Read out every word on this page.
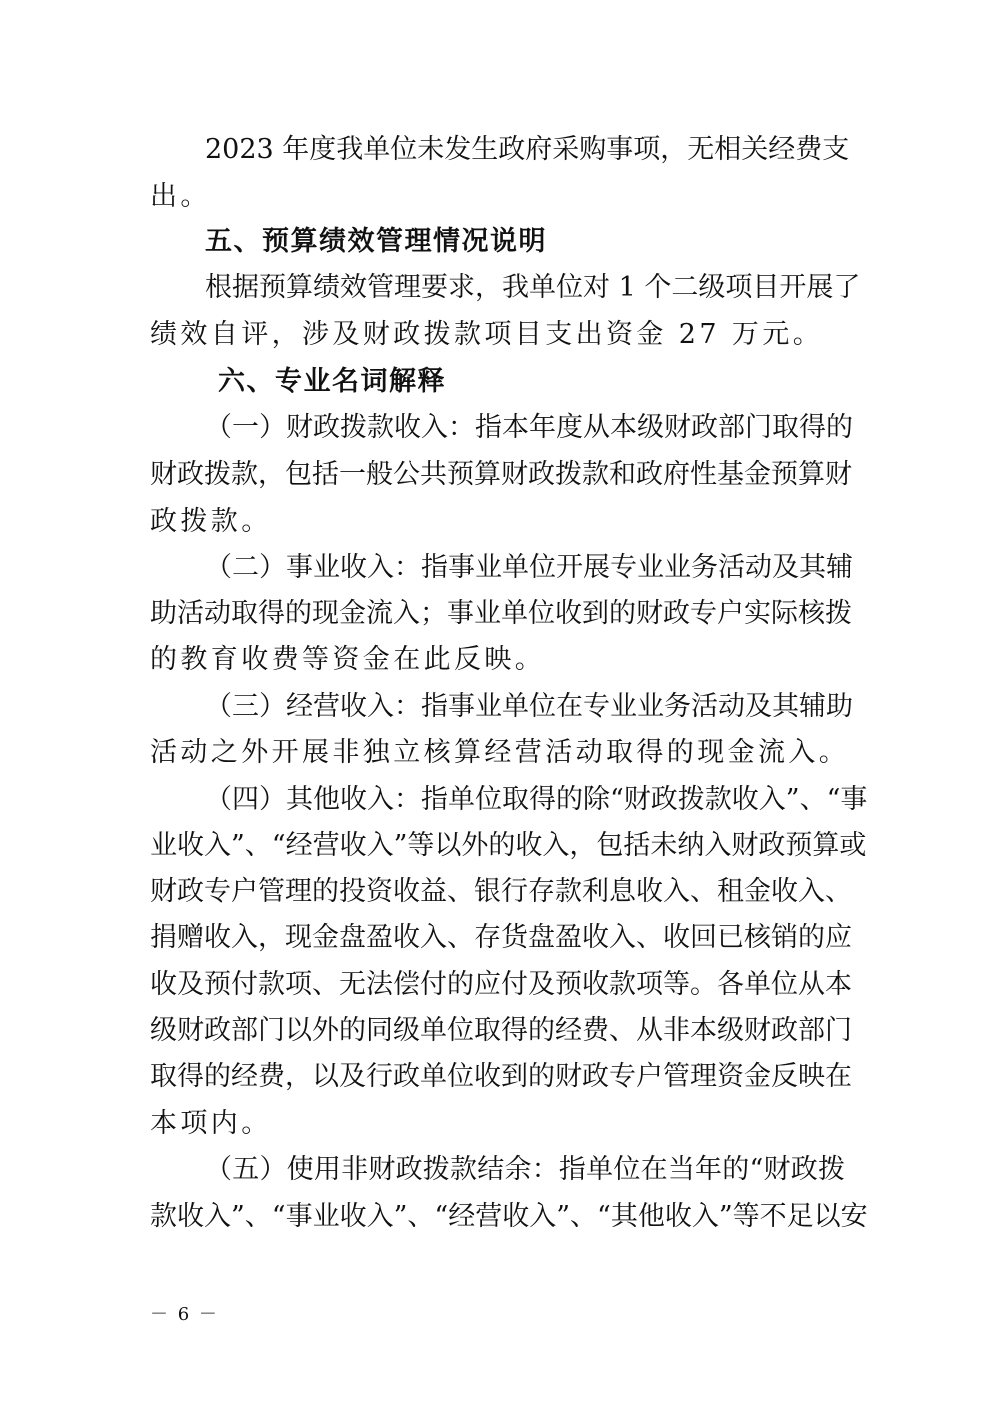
2023 年度我单位未发生政府采购事项，无相关经费支
出。
五、预算绩效管理情况说明
根据预算绩效管理要求，我单位对 1 个二级项目开展了
绩效自评，涉及财政拨款项目支出资金 27 万元。
六、专业名词解释
（一）财政拨款收入：指本年度从本级财政部门取得的
财政拨款，包括一般公共预算财政拨款和政府性基金预算财
政拨款。
（二）事业收入：指事业单位开展专业业务活动及其辅
助活动取得的现金流入；事业单位收到的财政专户实际核拨
的教育收费等资金在此反映。
（三）经营收入：指事业单位在专业业务活动及其辅助
活动之外开展非独立核算经营活动取得的现金流入。
（四）其他收入：指单位取得的除“财政拨款收入”、“事
业收入”、“经营收入”等以外的收入，包括未纳入财政预算或
财政专户管理的投资收益、银行存款利息收入、租金收入、
捐赠收入，现金盘盈收入、存货盘盈收入、收回已核销的应
收及预付款项、无法偿付的应付及预收款项等。各单位从本
级财政部门以外的同级单位取得的经费、从非本级财政部门
取得的经费，以及行政单位收到的财政专户管理资金反映在
本项内。
（五）使用非财政拨款结余：指单位在当年的“财政拨
款收入”、“事业收入”、“经营收入”、“其他收入”等不足以安
－ 6 －
